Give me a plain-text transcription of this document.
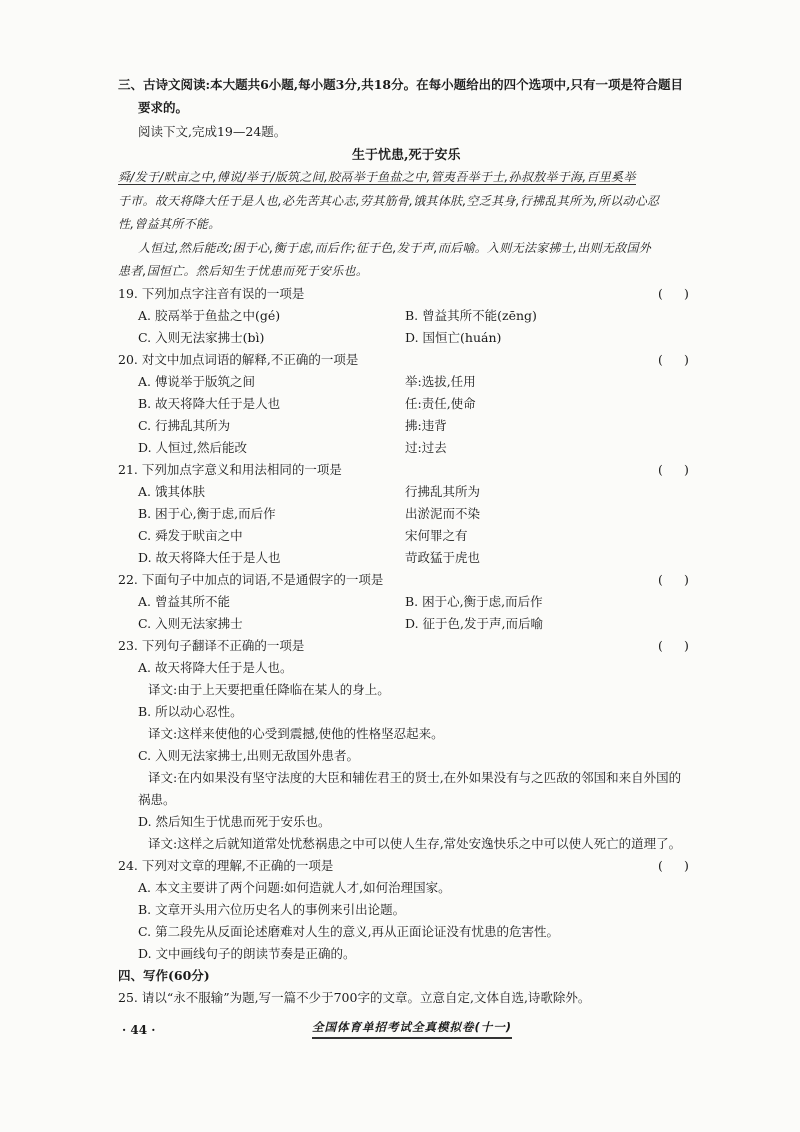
三、古诗文阅读:本大题共6小题,每小题3分,共18分。在每小题给出的四个选项中,只有一项是符合题目
要求的。
阅读下文,完成19—24题。
生于忧患,死于安乐
舜/发于/畎亩之中,傅说/举于/版筑之间,胶鬲举于鱼盐之中,管夷吾举于士,孙叔敖举于海,百里奚举
于市。故天将降大任于是人也,必先苦其心志,劳其筋骨,饿其体肤,空乏其身,行拂乱其所为,所以动心忍
性,曾益其所不能。
人恒过,然后能改;困于心,衡于虑,而后作;征于色,发于声,而后喻。入则无法家拂士,出则无敌国外
患者,国恒亡。然后知生于忧患而死于安乐也。
19. 下列加点字注音有误的一项是	( )
A. 胶鬲举于鱼盐之中(gé)	B. 曾益其所不能(zēng)
C. 入则无法家拂士(bì)	D. 国恒亡(huán)
20. 对文中加点词语的解释,不正确的一项是	( )
A. 傅说举于版筑之间	举:选拔,任用
B. 故天将降大任于是人也	任:责任,使命
C. 行拂乱其所为	拂:违背
D. 人恒过,然后能改	过:过去
21. 下列加点字意义和用法相同的一项是	( )
A. 饿其体肤	行拂乱其所为
B. 困于心,衡于虑,而后作	出淤泥而不染
C. 舜发于畎亩之中	宋何罪之有
D. 故天将降大任于是人也	苛政猛于虎也
22. 下面句子中加点的词语,不是通假字的一项是	( )
A. 曾益其所不能	B. 困于心,衡于虑,而后作
C. 入则无法家拂士	D. 征于色,发于声,而后喻
23. 下列句子翻译不正确的一项是	( )
A. 故天将降大任于是人也。
译文:由于上天要把重任降临在某人的身上。
B. 所以动心忍性。
译文:这样来使他的心受到震撼,使他的性格坚忍起来。
C. 入则无法家拂士,出则无敌国外患者。
译文:在内如果没有坚守法度的大臣和辅佐君王的贤士,在外如果没有与之匹敌的邻国和来自外国的
祸患。
D. 然后知生于忧患而死于安乐也。
译文:这样之后就知道常处忧愁祸患之中可以使人生存,常处安逸快乐之中可以使人死亡的道理了。
24. 下列对文章的理解,不正确的一项是	( )
A. 本文主要讲了两个问题:如何造就人才,如何治理国家。
B. 文章开头用六位历史名人的事例来引出论题。
C. 第二段先从反面论述磨难对人生的意义,再从正面论证没有忧患的危害性。
D. 文中画线句子的朗读节奏是正确的。
四、写作(60分)
25. 请以“永不服输”为题,写一篇不少于700字的文章。立意自定,文体自选,诗歌除外。
· 44 ·	全国体育单招考试全真模拟卷(十一)
